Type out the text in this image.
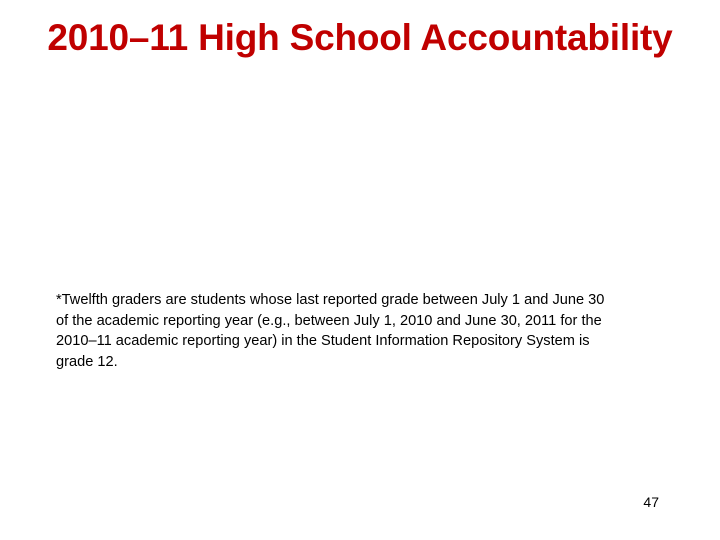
2010–11 High School Accountability
*Twelfth graders are students whose last reported grade between July 1 and June 30 of the academic reporting year (e.g., between July 1, 2010 and June 30, 2011 for the 2010–11 academic reporting year) in the Student Information Repository System is grade 12.
47
